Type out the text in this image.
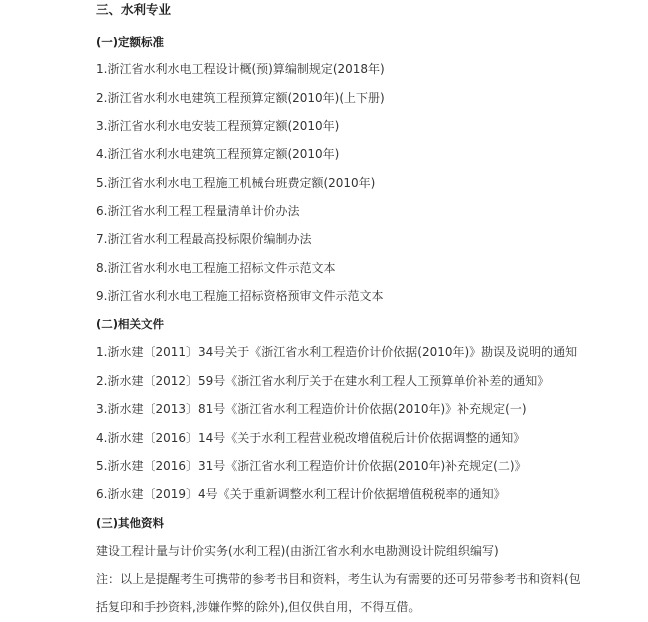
三、水利专业
(一)定额标准
1.浙江省水利水电工程设计概(预)算编制规定(2018年)
2.浙江省水利水电建筑工程预算定额(2010年)(上下册)
3.浙江省水利水电安装工程预算定额(2010年)
4.浙江省水利水电建筑工程预算定额(2010年)
5.浙江省水利水电工程施工机械台班费定额(2010年)
6.浙江省水利工程工程量清单计价办法
7.浙江省水利工程最高投标限价编制办法
8.浙江省水利水电工程施工招标文件示范文本
9.浙江省水利水电工程施工招标资格预审文件示范文本
(二)相关文件
1.浙水建〔2011〕34号关于《浙江省水利工程造价计价依据(2010年)》勘误及说明的通知
2.浙水建〔2012〕59号《浙江省水利厅关于在建水利工程人工预算单价补差的通知》
3.浙水建〔2013〕81号《浙江省水利工程造价计价依据(2010年)》补充规定(一)
4.浙水建〔2016〕14号《关于水利工程营业税改增值税后计价依据调整的通知》
5.浙水建〔2016〕31号《浙江省水利工程造价计价依据(2010年)补充规定(二)》
6.浙水建〔2019〕4号《关于重新调整水利工程计价依据增值税税率的通知》
(三)其他资料
建设工程计量与计价实务(水利工程)(由浙江省水利水电勘测设计院组织编写)
注：以上是提醒考生可携带的参考书目和资料，考生认为有需要的还可另带参考书和资料(包括复印和手抄资料,涉嫌作弊的除外),但仅供自用，不得互借。
